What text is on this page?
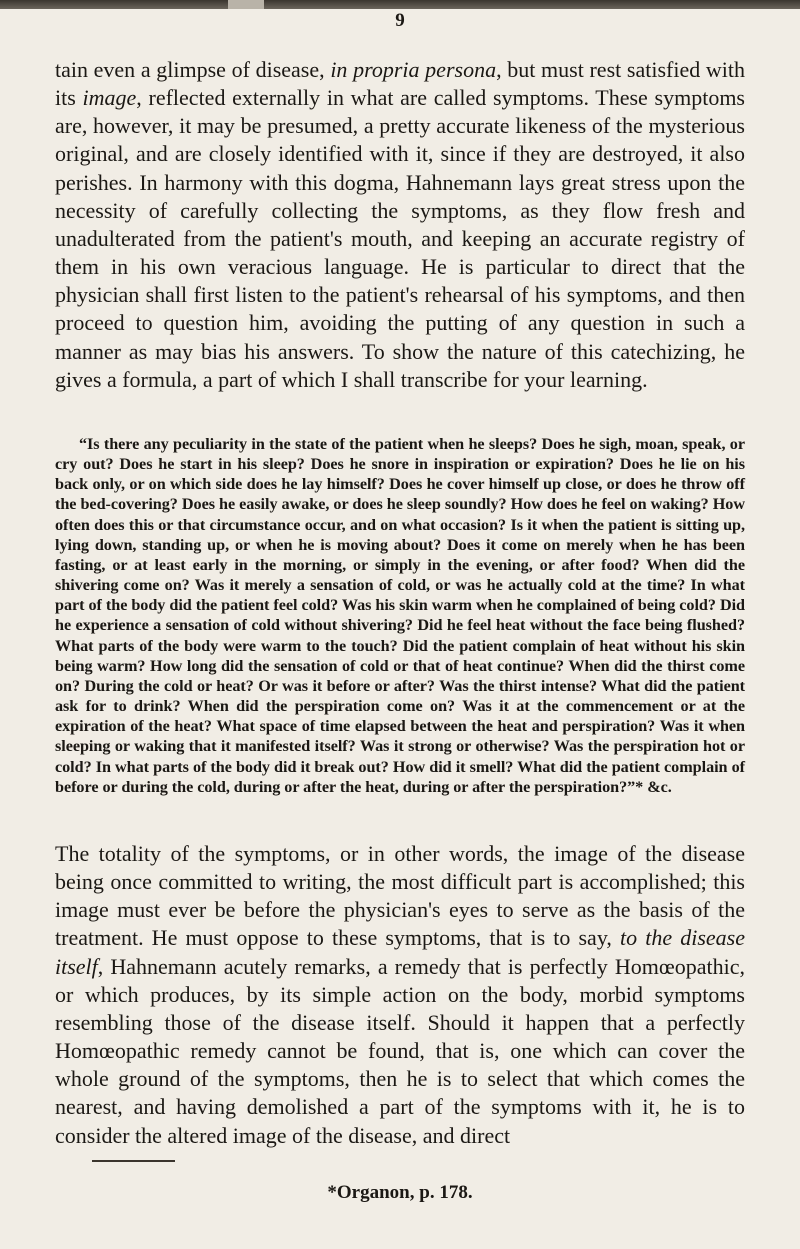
9

tain even a glimpse of disease, in propria persona, but must rest satisfied with its image, reflected externally in what are called symptoms. These symptoms are, however, it may be presumed, a pretty accurate likeness of the mysterious original, and are closely identified with it, since if they are destroyed, it also perishes. In harmony with this dogma, Hahnemann lays great stress upon the necessity of carefully collecting the symptoms, as they flow fresh and unadulterated from the patient's mouth, and keeping an accurate registry of them in his own veracious language. He is particular to direct that the physician shall first listen to the patient's rehearsal of his symptoms, and then proceed to question him, avoiding the putting of any question in such a manner as may bias his answers. To show the nature of this catechizing, he gives a formula, a part of which I shall transcribe for your learning.

“Is there any peculiarity in the state of the patient when he sleeps? Does he sigh, moan, speak, or cry out? Does he start in his sleep? Does he snore in inspiration or expiration? Does he lie on his back only, or on which side does he lay himself? Does he cover himself up close, or does he throw off the bed-covering? Does he easily awake, or does he sleep soundly? How does he feel on waking? How often does this or that circumstance occur, and on what occasion? Is it when the patient is sitting up, lying down, standing up, or when he is moving about? Does it come on merely when he has been fasting, or at least early in the morning, or simply in the evening, or after food? When did the shivering come on? Was it merely a sensation of cold, or was he actually cold at the time? In what part of the body did the patient feel cold? Was his skin warm when he complained of being cold? Did he experience a sensation of cold without shivering? Did he feel heat without the face being flushed? What parts of the body were warm to the touch? Did the patient complain of heat without his skin being warm? How long did the sensation of cold or that of heat continue? When did the thirst come on? During the cold or heat? Or was it before or after? Was the thirst intense? What did the patient ask for to drink? When did the perspiration come on? Was it at the commencement or at the expiration of the heat? What space of time elapsed between the heat and perspiration? Was it when sleeping or waking that it manifested itself? Was it strong or otherwise? Was the perspiration hot or cold? In what parts of the body did it break out? How did it smell? What did the patient complain of before or during the cold, during or after the heat, during or after the perspiration?”* &c.

The totality of the symptoms, or in other words, the image of the disease being once committed to writing, the most difficult part is accomplished; this image must ever be before the physician's eyes to serve as the basis of the treatment. He must oppose to these symptoms, that is to say, to the disease itself, Hahnemann acutely remarks, a remedy that is perfectly Homœopathic, or which produces, by its simple action on the body, morbid symptoms resembling those of the disease itself. Should it happen that a perfectly Homœopathic remedy cannot be found, that is, one which can cover the whole ground of the symptoms, then he is to select that which comes the nearest, and having demolished a part of the symptoms with it, he is to consider the altered image of the disease, and direct

*Organon, p. 178.
